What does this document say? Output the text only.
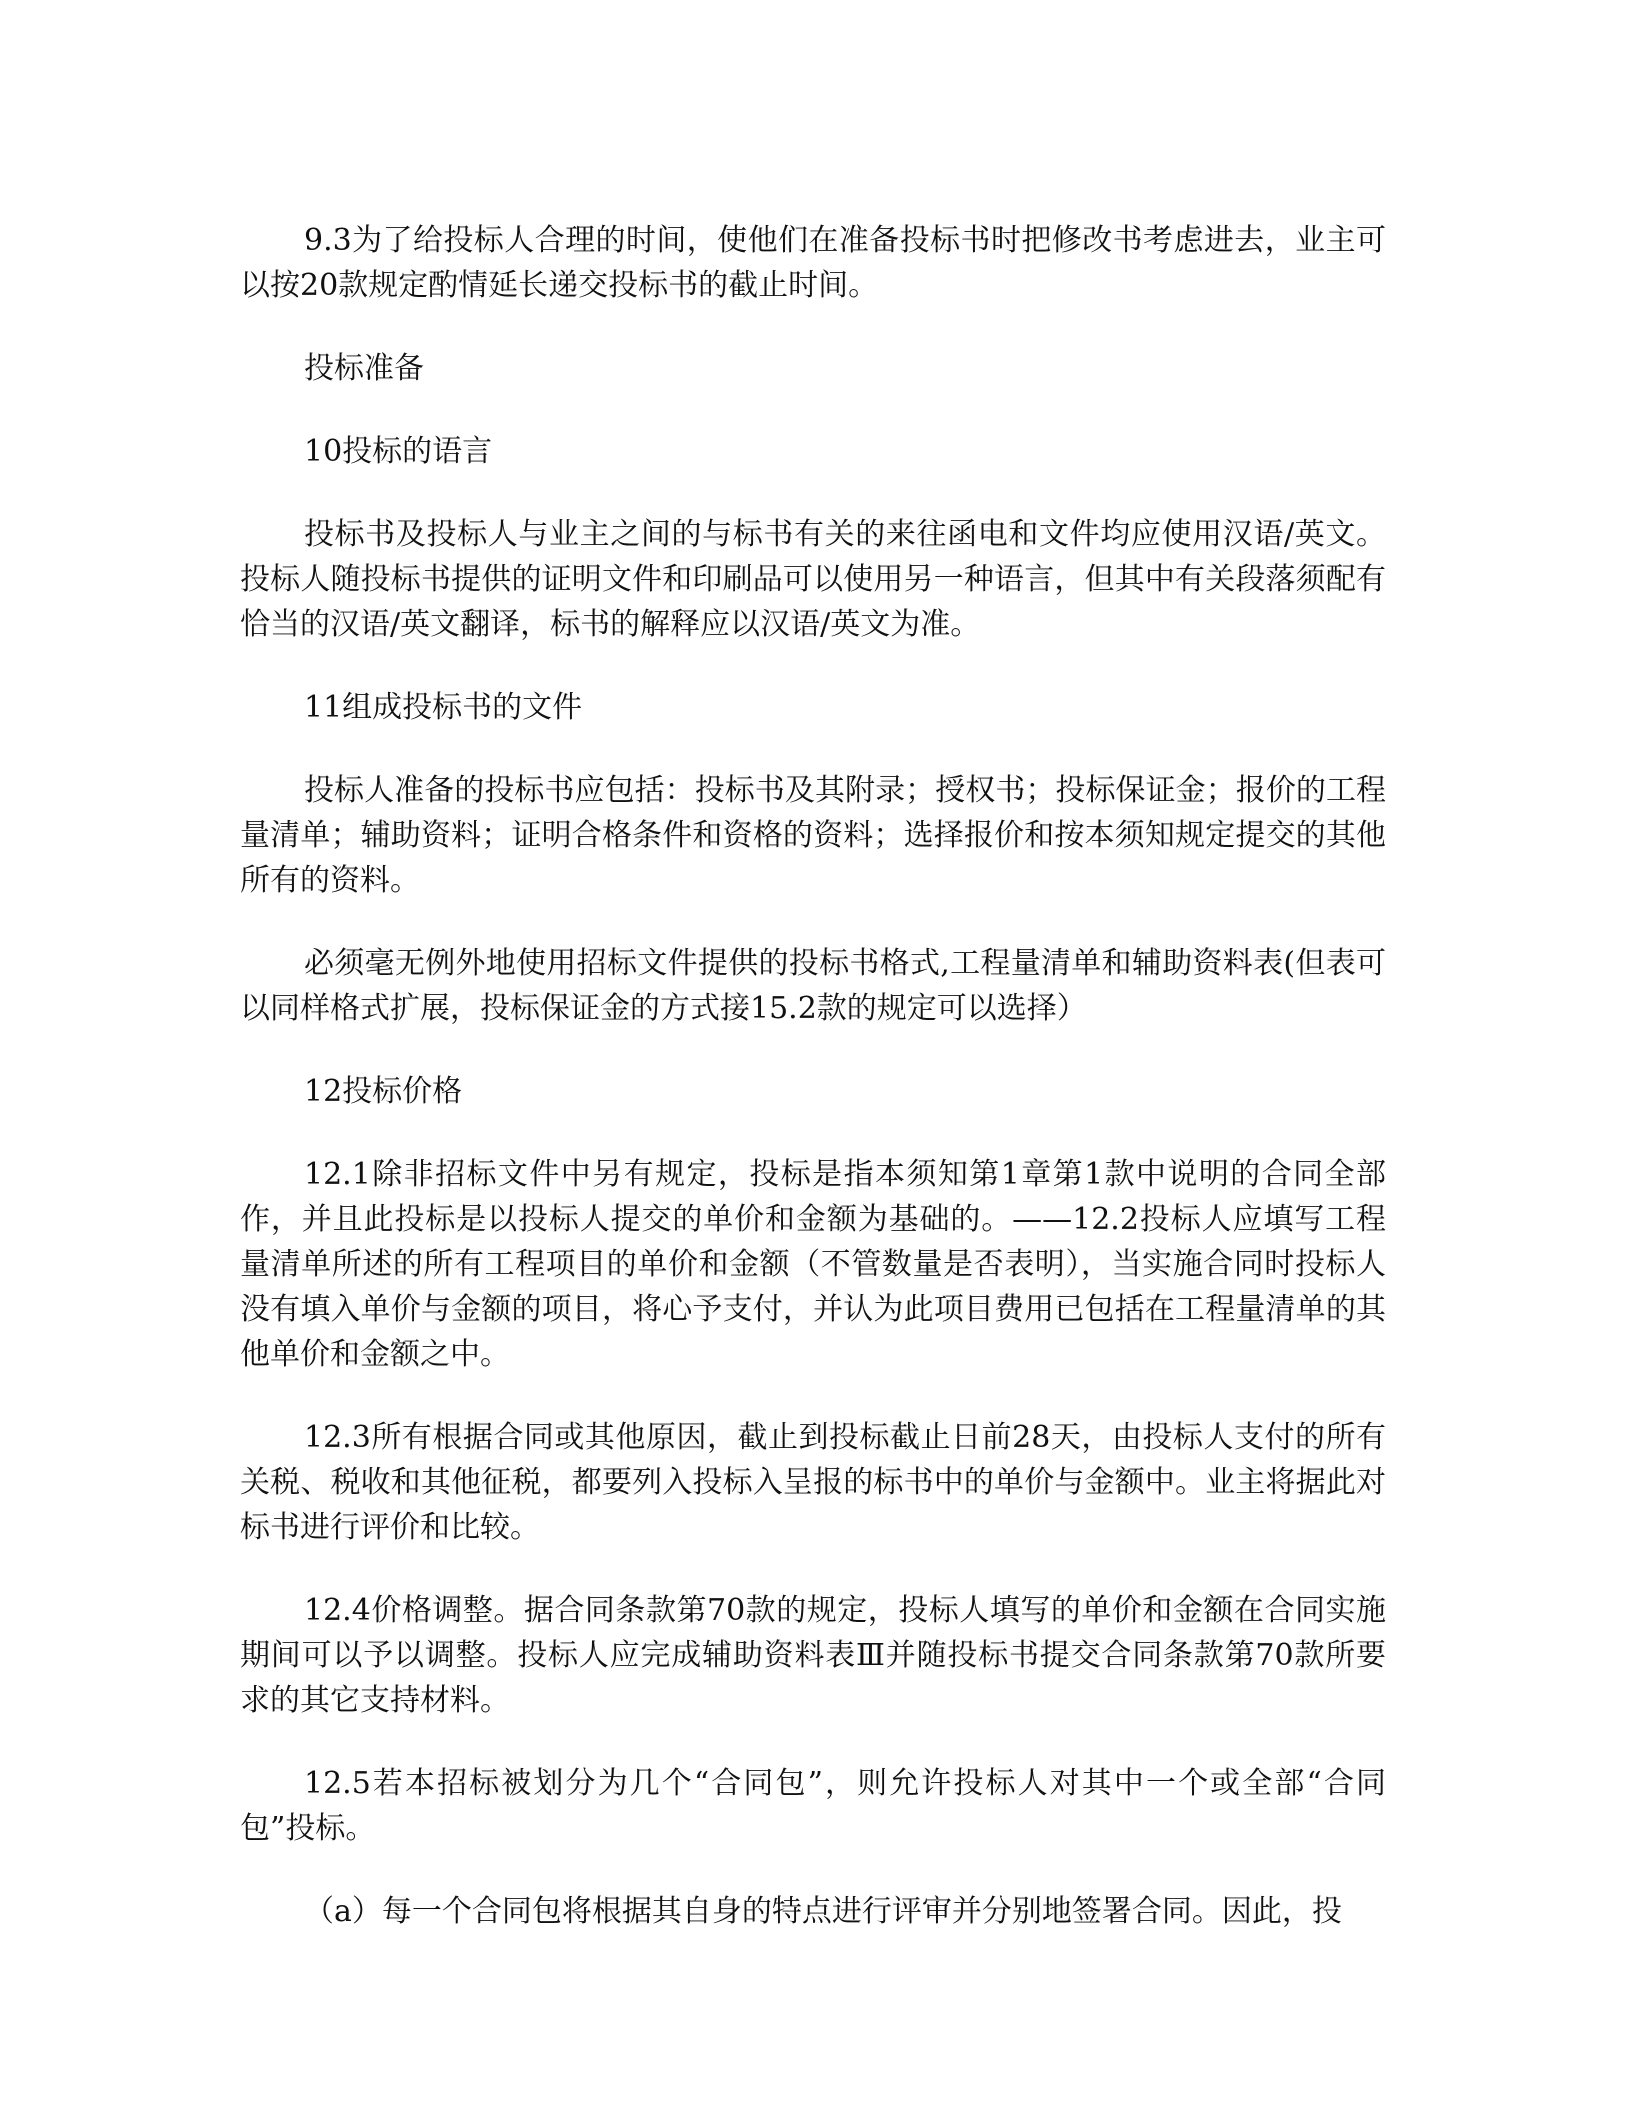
9.3为了给投标人合理的时间，使他们在准备投标书时把修改书考虑进去，业主可以按20款规定酌情延长递交投标书的截止时间。

投标准备

10投标的语言

投标书及投标人与业主之间的与标书有关的来往函电和文件均应使用汉语/英文。投标人随投标书提供的证明文件和印刷品可以使用另一种语言，但其中有关段落须配有恰当的汉语/英文翻译，标书的解释应以汉语/英文为准。

11组成投标书的文件

投标人准备的投标书应包括：投标书及其附录；授权书；投标保证金；报价的工程量清单；辅助资料；证明合格条件和资格的资料；选择报价和按本须知规定提交的其他所有的资料。

必须毫无例外地使用招标文件提供的投标书格式,工程量清单和辅助资料表(但表可以同样格式扩展，投标保证金的方式接15.2款的规定可以选择）

12投标价格

12.1除非招标文件中另有规定，投标是指本须知第1章第1款中说明的合同全部作，并且此投标是以投标人提交的单价和金额为基础的。——12.2投标人应填写工程量清单所述的所有工程项目的单价和金额（不管数量是否表明），当实施合同时投标人没有填入单价与金额的项目，将心予支付，并认为此项目费用已包括在工程量清单的其他单价和金额之中。

12.3所有根据合同或其他原因，截止到投标截止日前28天，由投标人支付的所有关税、税收和其他征税，都要列入投标入呈报的标书中的单价与金额中。业主将据此对标书进行评价和比较。

12.4价格调整。据合同条款第70款的规定，投标人填写的单价和金额在合同实施期间可以予以调整。投标人应完成辅助资料表Ⅲ并随投标书提交合同条款第70款所要求的其它支持材料。

12.5若本招标被划分为几个“合同包”，则允许投标人对其中一个或全部“合同包”投标。

（a）每一个合同包将根据其自身的特点进行评审并分别地签署合同。因此，投
